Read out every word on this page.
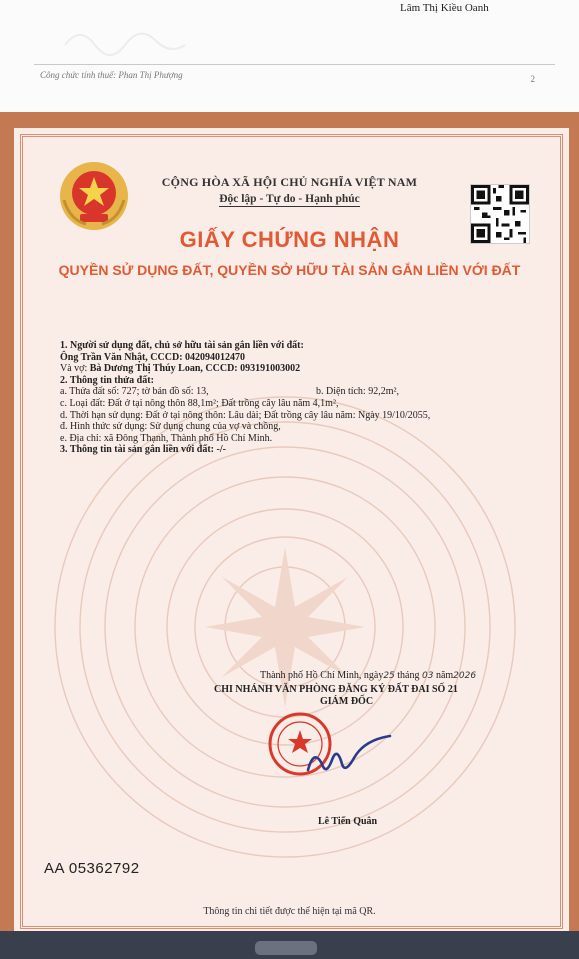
Lâm Thị Kiều Oanh
Công chức tính thuế: Phan Thị Phượng	2
CỘNG HÒA XÃ HỘI CHỦ NGHĨA VIỆT NAM
Độc lập - Tự do - Hạnh phúc
GIẤY CHỨNG NHẬN
QUYỀN SỬ DỤNG ĐẤT, QUYỀN SỞ HỮU TÀI SẢN GẮN LIỀN VỚI ĐẤT
1. Người sử dụng đất, chủ sở hữu tài sản gắn liền với đất:
Ông Trần Văn Nhật, CCCD: 042094012470
Và vợ: Bà Dương Thị Thúy Loan, CCCD: 093191003002
2. Thông tin thửa đất:
a. Thửa đất số: 727; tờ bản đồ số: 13,	b. Diện tích: 92,2m²,
c. Loại đất: Đất ở tại nông thôn 88,1m²; Đất trồng cây lâu năm 4,1m²,
d. Thời hạn sử dụng: Đất ở tại nông thôn: Lâu dài; Đất trồng cây lâu năm: Ngày 19/10/2055,
đ. Hình thức sử dụng: Sử dụng chung của vợ và chồng,
e. Địa chỉ: xã Đông Thạnh, Thành phố Hồ Chí Minh.
3. Thông tin tài sản gắn liền với đất: -/-
Thành phố Hồ Chí Minh, ngày25 tháng 03 năm2026
CHI NHÁNH VĂN PHÒNG ĐĂNG KÝ ĐẤT ĐAI SỐ 21
GIÁM ĐỐC
Lê Tiến Quân
AA 05362792
Thông tin chi tiết được thể hiện tại mã QR.
